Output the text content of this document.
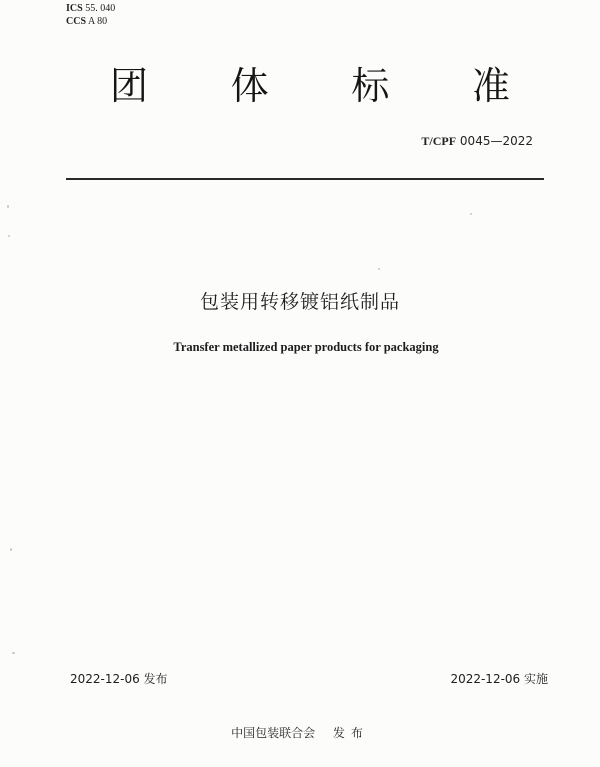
ICS 55. 040
CCS A 80
团 体 标 准
T/CPF 0045—2022
包装用转移镀铝纸制品
Transfer metallized paper products for packaging
2022-12-06 发布	2022-12-06 实施
中国包装联合会 发布
